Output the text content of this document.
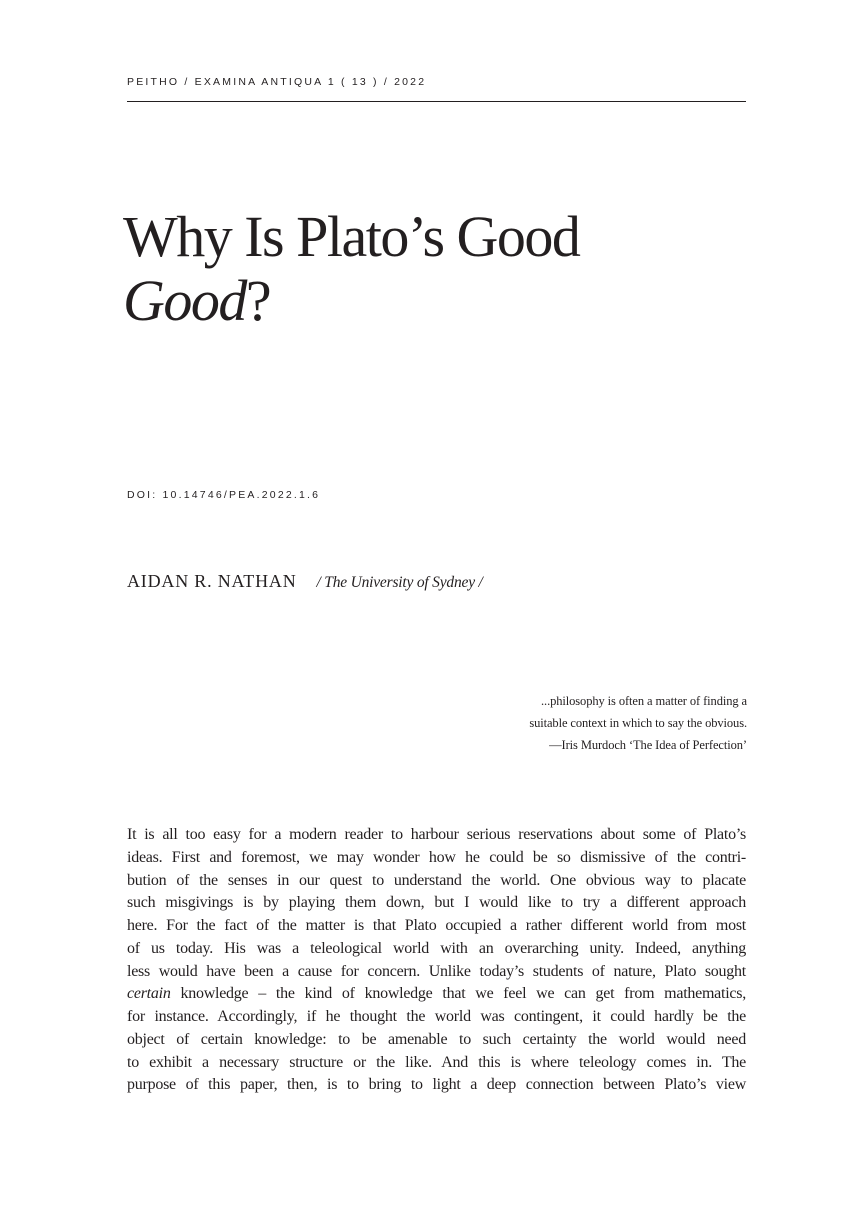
PEITHO / EXAMINA ANTIQUA 1 ( 13 ) / 2022
Why Is Plato’s Good
Good?
DOI: 10.14746/PEA.2022.1.6
AIDAN R. NATHAN / The University of Sydney /
...philosophy is often a matter of finding a
suitable context in which to say the obvious.
—Iris Murdoch ‘The Idea of Perfection’
It is all too easy for a modern reader to harbour serious reservations about some of Plato’s
ideas. First and foremost, we may wonder how he could be so dismissive of the contri-
bution of the senses in our quest to understand the world. One obvious way to placate
such misgivings is by playing them down, but I would like to try a different approach
here. For the fact of the matter is that Plato occupied a rather different world from most
of us today. His was a teleological world with an overarching unity. Indeed, anything
less would have been a cause for concern. Unlike today’s students of nature, Plato sought
certain knowledge – the kind of knowledge that we feel we can get from mathematics,
for instance. Accordingly, if he thought the world was contingent, it could hardly be the
object of certain knowledge: to be amenable to such certainty the world would need
to exhibit a necessary structure or the like. And this is where teleology comes in. The
purpose of this paper, then, is to bring to light a deep connection between Plato’s view
